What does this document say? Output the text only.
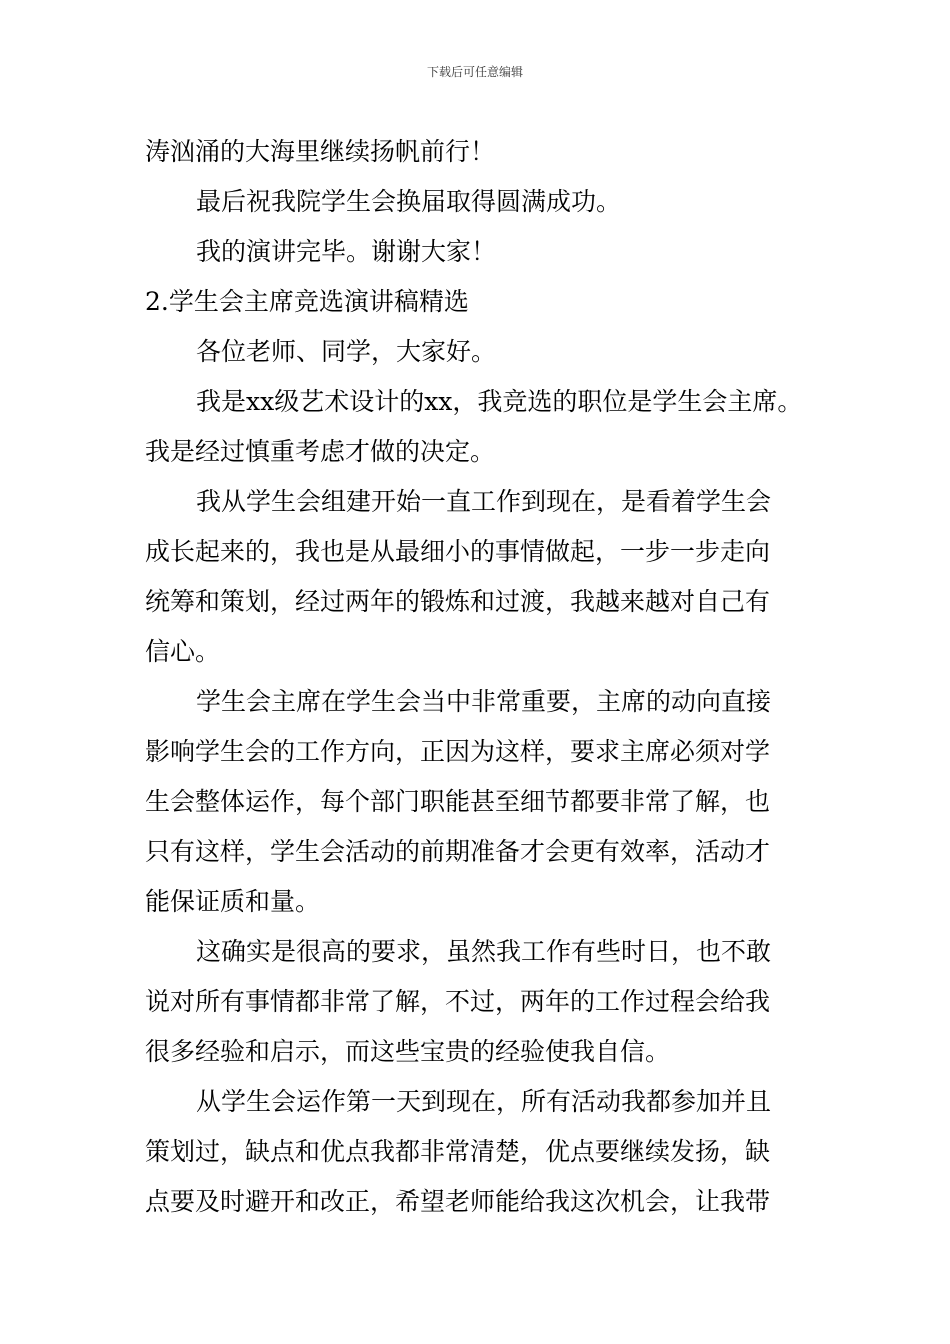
下载后可任意编辑
涛汹涌的大海里继续扬帆前行！
最后祝我院学生会换届取得圆满成功。
我的演讲完毕。谢谢大家！
2.学生会主席竞选演讲稿精选
各位老师、同学，大家好。
我是xx级艺术设计的xx，我竞选的职位是学生会主席。
我是经过慎重考虑才做的决定。
我从学生会组建开始一直工作到现在，是看着学生会
成长起来的，我也是从最细小的事情做起，一步一步走向
统筹和策划，经过两年的锻炼和过渡，我越来越对自己有
信心。
学生会主席在学生会当中非常重要，主席的动向直接
影响学生会的工作方向，正因为这样，要求主席必须对学
生会整体运作，每个部门职能甚至细节都要非常了解，也
只有这样，学生会活动的前期准备才会更有效率，活动才
能保证质和量。
这确实是很高的要求，虽然我工作有些时日，也不敢
说对所有事情都非常了解，不过，两年的工作过程会给我
很多经验和启示，而这些宝贵的经验使我自信。
从学生会运作第一天到现在，所有活动我都参加并且
策划过，缺点和优点我都非常清楚，优点要继续发扬，缺
点要及时避开和改正，希望老师能给我这次机会，让我带
